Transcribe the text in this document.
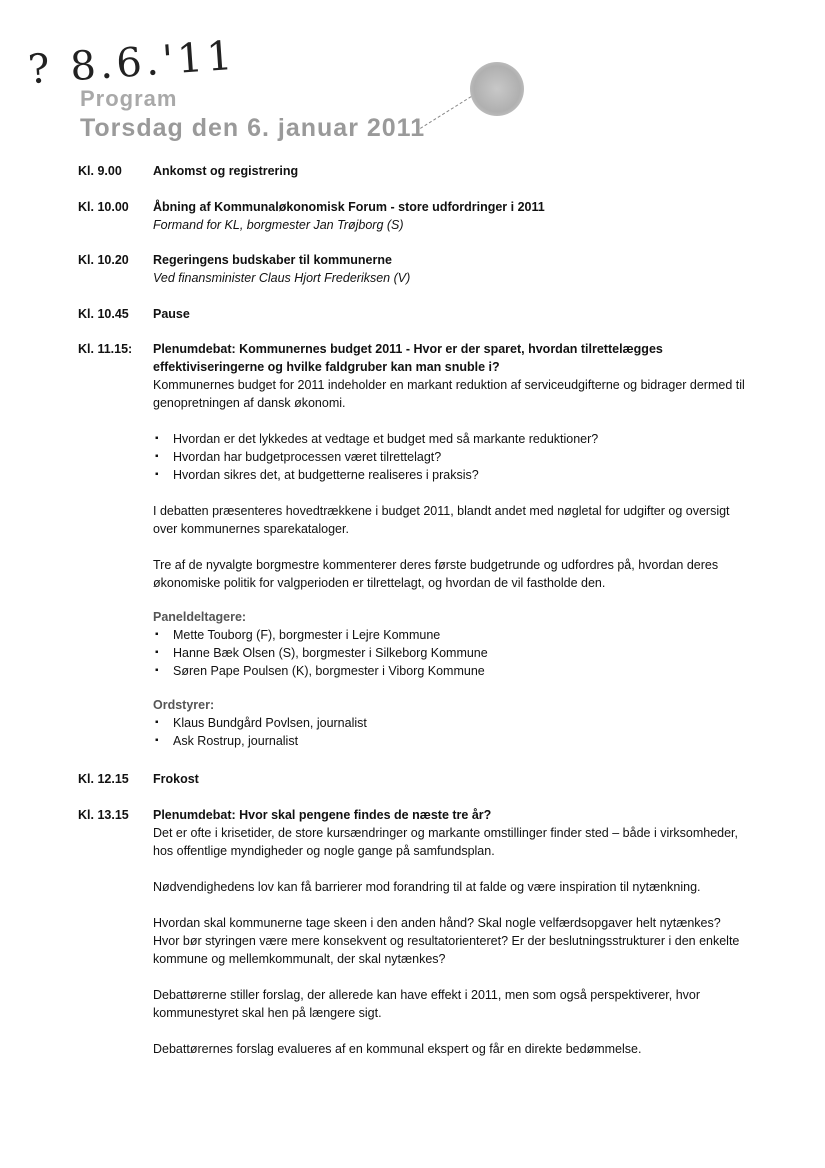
? 8.6.'11
Program
Torsdag den 6. januar 2011
Kl. 9.00	Ankomst og registrering
Kl. 10.00	Åbning af Kommunaløkonomisk Forum - store udfordringer i 2011
Formand for KL, borgmester Jan Trøjborg (S)
Kl. 10.20	Regeringens budskaber til kommunerne
Ved finansminister Claus Hjort Frederiksen (V)
Kl. 10.45	Pause
Kl. 11.15:	Plenumdebat: Kommunernes budget 2011 - Hvor er der sparet, hvordan tilrettelægges effektiviseringerne og hvilke faldgruber kan man snuble i?

Kommunernes budget for 2011 indeholder en markant reduktion af serviceudgifterne og bidrager dermed til genopretningen af dansk økonomi.

▪ Hvordan er det lykkedes at vedtage et budget med så markante reduktioner?
▪ Hvordan har budgetprocessen været tilrettelagt?
▪ Hvordan sikres det, at budgetterne realiseres i praksis?

I debatten præsenteres hovedtrækkene i budget 2011, blandt andet med nøgletal for udgifter og oversigt over kommunernes sparekataloger.

Tre af de nyvalgte borgmestre kommenterer deres første budgetrunde og udfordres på, hvordan deres økonomiske politik for valgperioden er tilrettelagt, og hvordan de vil fastholde den.

Paneldeltagere:

▪ Mette Touborg (F), borgmester i Lejre Kommune
▪ Hanne Bæk Olsen (S), borgmester i Silkeborg Kommune
▪ Søren Pape Poulsen (K), borgmester i Viborg Kommune

Ordstyrer:

▪ Klaus Bundgård Povlsen, journalist
▪ Ask Rostrup, journalist
Kl. 12.15	Frokost
Kl. 13.15	Plenumdebat: Hvor skal pengene findes de næste tre år?

Det er ofte i krisetider, de store kursændringer og markante omstillinger finder sted – både i virksomheder, hos offentlige myndigheder og nogle gange på samfundsplan.

Nødvendighedens lov kan få barrierer mod forandring til at falde og være inspiration til nytænkning.

Hvordan skal kommunerne tage skeen i den anden hånd? Skal nogle velfærdsopgaver helt nytænkes? Hvor bør styringen være mere konsekvent og resultatorienteret? Er der beslutningsstrukturer i den enkelte kommune og mellemkommunalt, der skal nytænkes?

Debattørerne stiller forslag, der allerede kan have effekt i 2011, men som også perspektiverer, hvor kommunestyret skal hen på længere sigt.

Debattørernes forslag evalueres af en kommunal ekspert og får en direkte bedømmelse.
